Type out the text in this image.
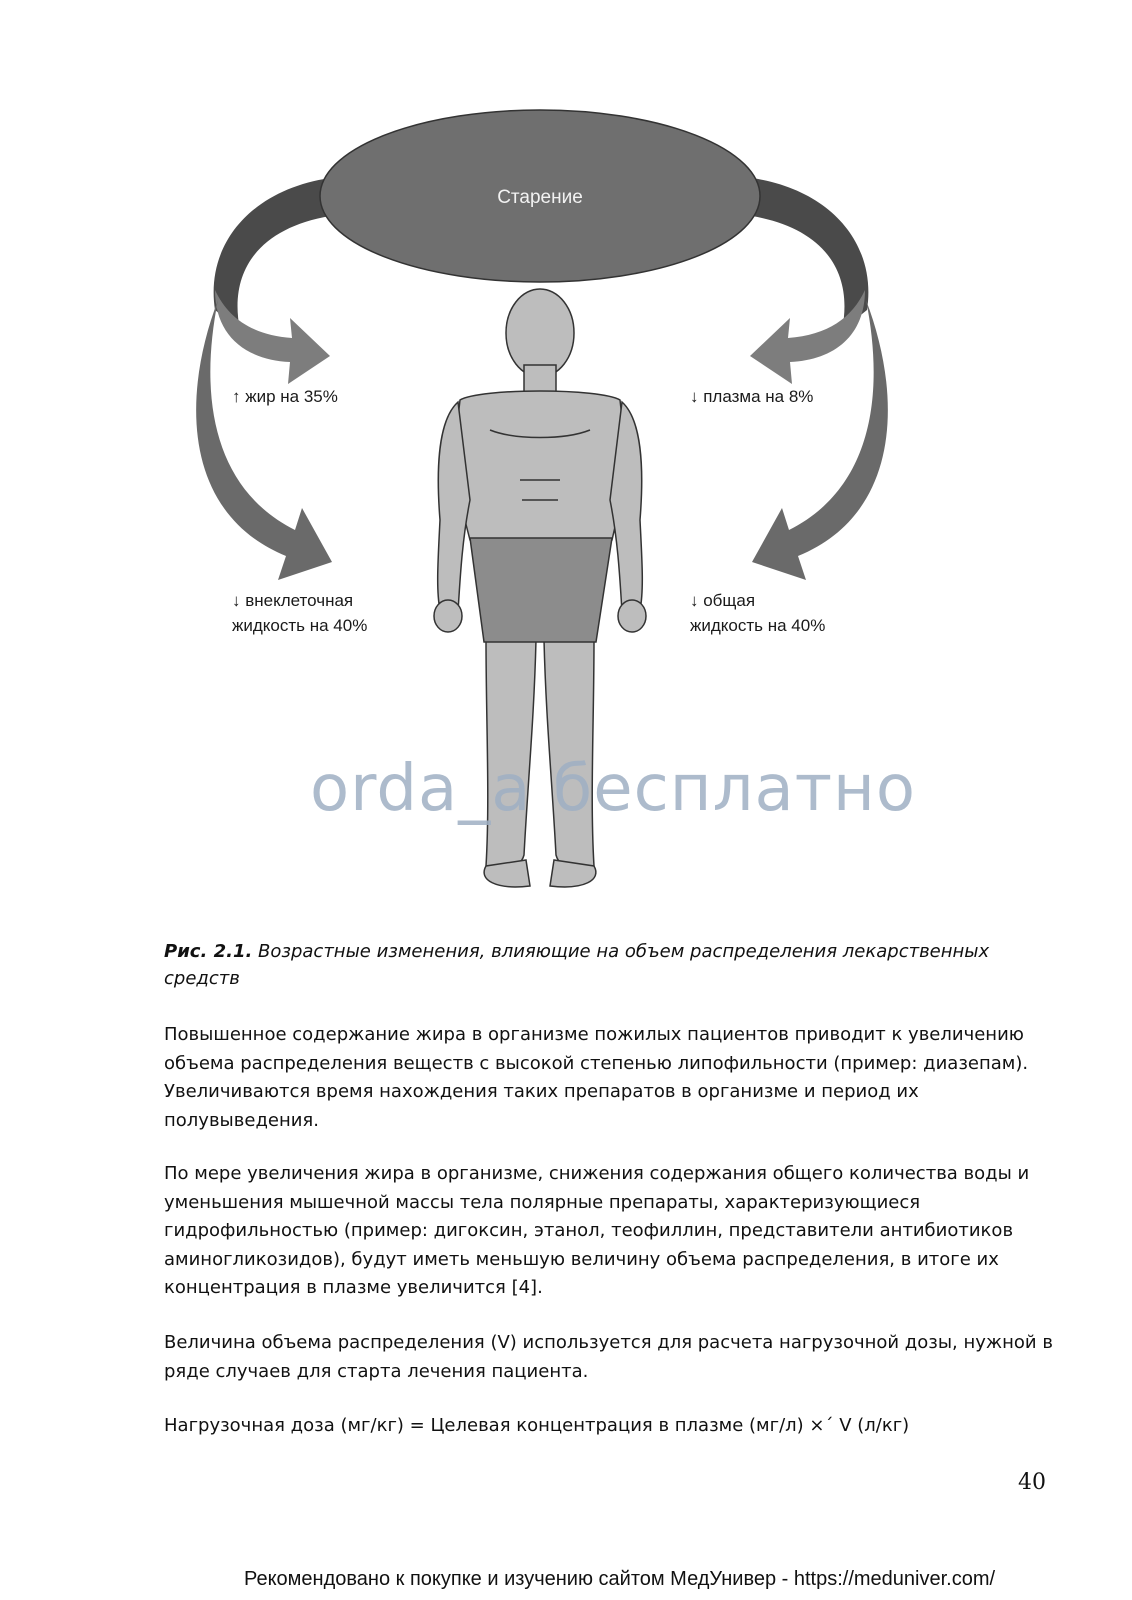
Старение
↑ жир на 35%	↓ плазма на 8%
↓ внеклеточная
жидкость на 40%
↓ общая
жидкость на 40%
orda_a бесплатно
Рис. 2.1. Возрастные изменения, влияющие на объем распределения лекарственных средств

Повышенное содержание жира в организме пожилых пациентов приводит к увеличению объема распределения веществ с высокой степенью липофильности (пример: диазепам). Увеличиваются время нахождения таких препаратов в организме и период их полувыведения.

По мере увеличения жира в организме, снижения содержания общего количества воды и уменьшения мышечной массы тела полярные препараты, характеризующиеся гидрофильностью (пример: дигоксин, этанол, теофиллин, представители антибиотиков аминогликозидов), будут иметь меньшую величину объема распределения, в итоге их концентрация в плазме увеличится [4].

Величина объема распределения (V) используется для расчета нагрузочной дозы, нужной в ряде случаев для старта лечения пациента.

Нагрузочная доза (мг/кг) = Целевая концентрация в плазме (мг/л) ×´ V (л/кг)

40
Рекомендовано к покупке и изучению сайтом МедУнивер - https://meduniver.com/
